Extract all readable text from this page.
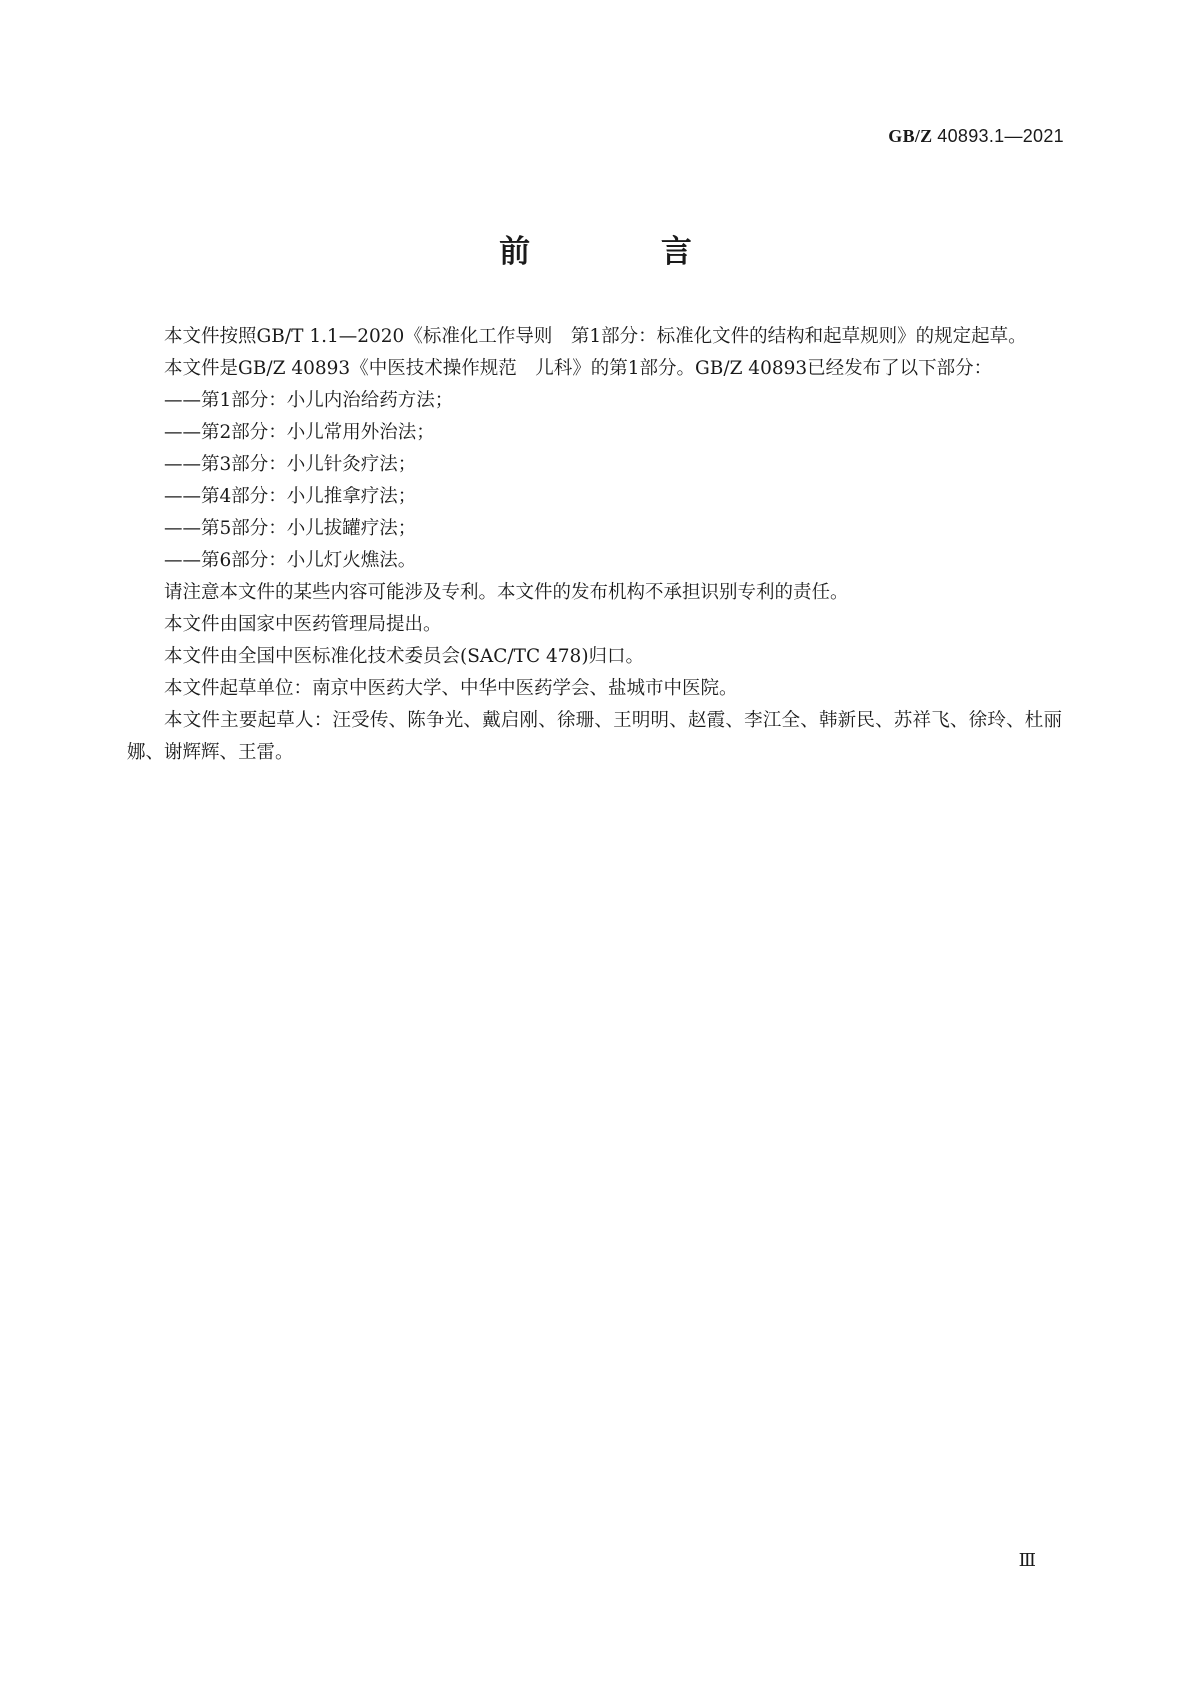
GB/Z 40893.1—2021
前 言

本文件按照GB/T 1.1—2020《标准化工作导则　第1部分：标准化文件的结构和起草规则》的规定起草。

本文件是GB/Z 40893《中医技术操作规范　儿科》的第1部分。GB/Z 40893已经发布了以下部分：

——第1部分：小儿内治给药方法；

——第2部分：小儿常用外治法；

——第3部分：小儿针灸疗法；

——第4部分：小儿推拿疗法；

——第5部分：小儿拔罐疗法；

——第6部分：小儿灯火燋法。

请注意本文件的某些内容可能涉及专利。本文件的发布机构不承担识别专利的责任。

本文件由国家中医药管理局提出。

本文件由全国中医标准化技术委员会(SAC/TC 478)归口。

本文件起草单位：南京中医药大学、中华中医药学会、盐城市中医院。

本文件主要起草人：汪受传、陈争光、戴启刚、徐珊、王明明、赵霞、李江全、韩新民、苏祥飞、徐玲、杜丽娜、谢辉辉、王雷。

Ⅲ
